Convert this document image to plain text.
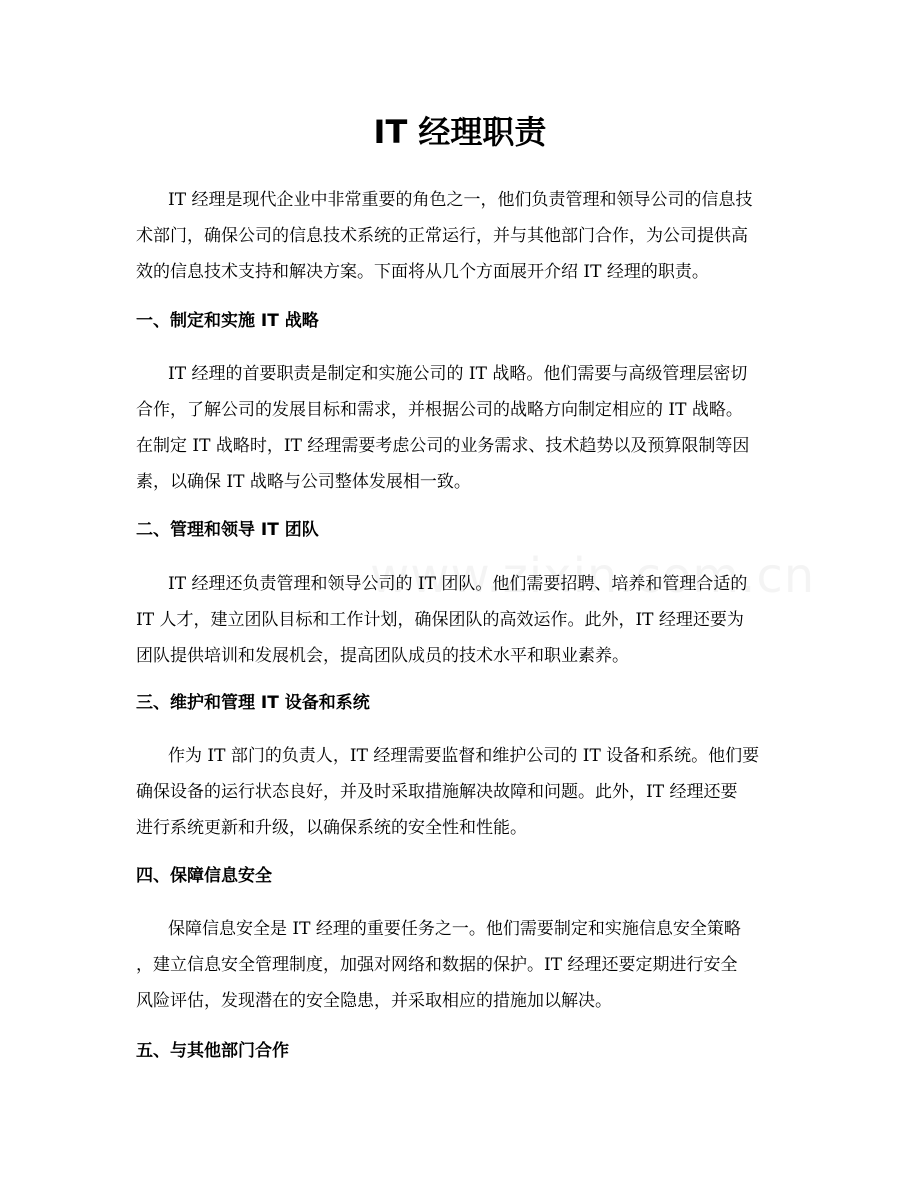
IT 经理职责

IT 经理是现代企业中非常重要的角色之一，他们负责管理和领导公司的信息技
术部门，确保公司的信息技术系统的正常运行，并与其他部门合作，为公司提供高
效的信息技术支持和解决方案。下面将从几个方面展开介绍 IT 经理的职责。

一、制定和实施 IT 战略

IT 经理的首要职责是制定和实施公司的 IT 战略。他们需要与高级管理层密切
合作，了解公司的发展目标和需求，并根据公司的战略方向制定相应的 IT 战略。
在制定 IT 战略时，IT 经理需要考虑公司的业务需求、技术趋势以及预算限制等因
素，以确保 IT 战略与公司整体发展相一致。

二、管理和领导 IT 团队

IT 经理还负责管理和领导公司的 IT 团队。他们需要招聘、培养和管理合适的
IT 人才，建立团队目标和工作计划，确保团队的高效运作。此外，IT 经理还要为
团队提供培训和发展机会，提高团队成员的技术水平和职业素养。

三、维护和管理 IT 设备和系统

作为 IT 部门的负责人，IT 经理需要监督和维护公司的 IT 设备和系统。他们要
确保设备的运行状态良好，并及时采取措施解决故障和问题。此外，IT 经理还要
进行系统更新和升级，以确保系统的安全性和性能。

四、保障信息安全

保障信息安全是 IT 经理的重要任务之一。他们需要制定和实施信息安全策略
，建立信息安全管理制度，加强对网络和数据的保护。IT 经理还要定期进行安全
风险评估，发现潜在的安全隐患，并采取相应的措施加以解决。

五、与其他部门合作
